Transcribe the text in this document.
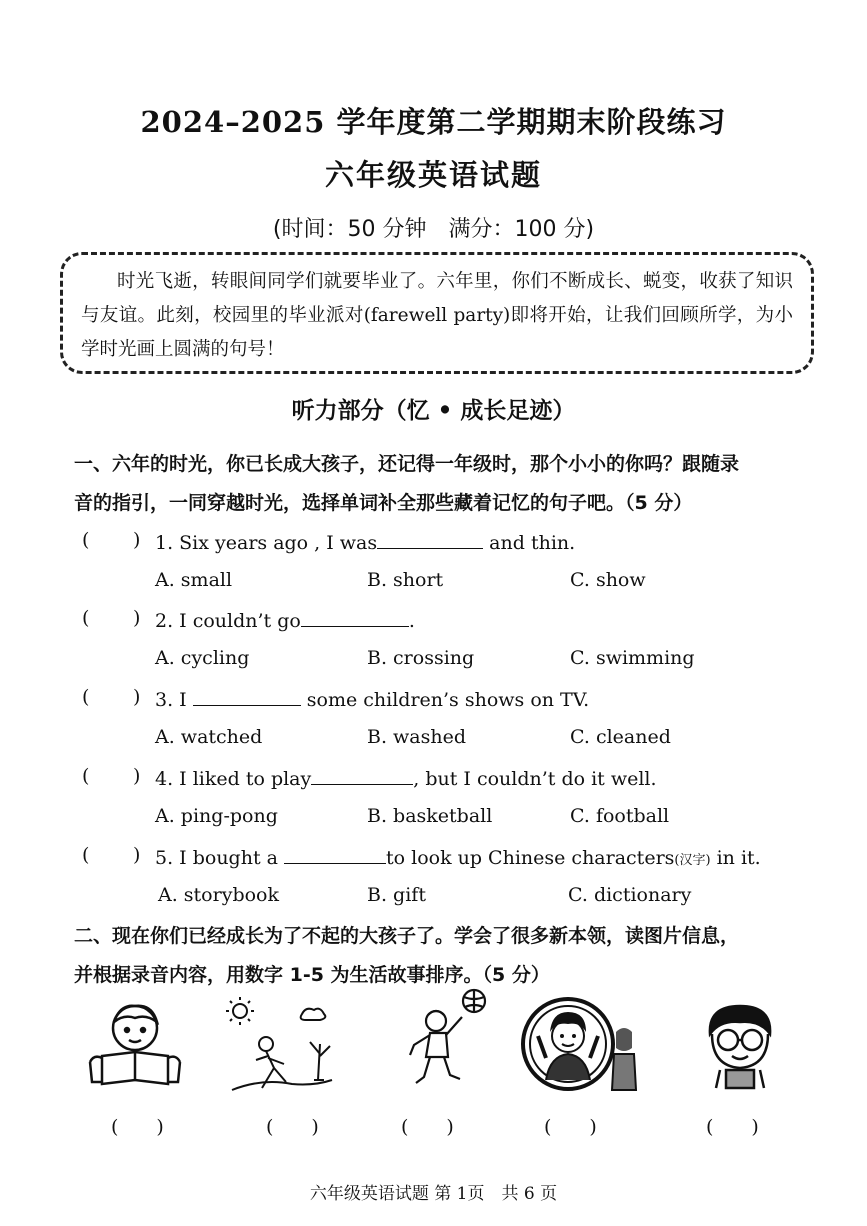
2024–2025 学年度第二学期期末阶段练习
六年级英语试题
(时间：50 分钟　满分：100 分)
时光飞逝，转眼间同学们就要毕业了。六年里，你们不断成长、蜕变，收获了知识与友谊。此刻，校园里的毕业派对(farewell party)即将开始，让我们回顾所学，为小学时光画上圆满的句号！
听力部分（忆 • 成长足迹）
一、六年的时光，你已长成大孩子，还记得一年级时，那个小小的你吗？跟随录
音的指引，一同穿越时光，选择单词补全那些藏着记忆的句子吧。（5 分）
( ) 1. Six years ago , I was	and thin.
A. small	B. short	C. show
( ) 2. I couldn’t go	.
A. cycling	B. crossing	C. swimming
( ) 3. I	some children’s shows on TV.
A. watched	B. washed	C. cleaned
( ) 4. I liked to play	, but I couldn’t do it well.
A. ping-pong	B. basketball	C. football
( ) 5. I bought a	to look up Chinese characters(汉字) in it.
A. storybook	B. gift	C. dictionary
二、现在你们已经成长为了不起的大孩子了。学会了很多新本领，读图片信息，
并根据录音内容，用数字 1-5 为生活故事排序。（5 分）
(　　)	(　　)	(　　)	(　　)	(　　)
六年级英语试题 第 1页　共 6 页
